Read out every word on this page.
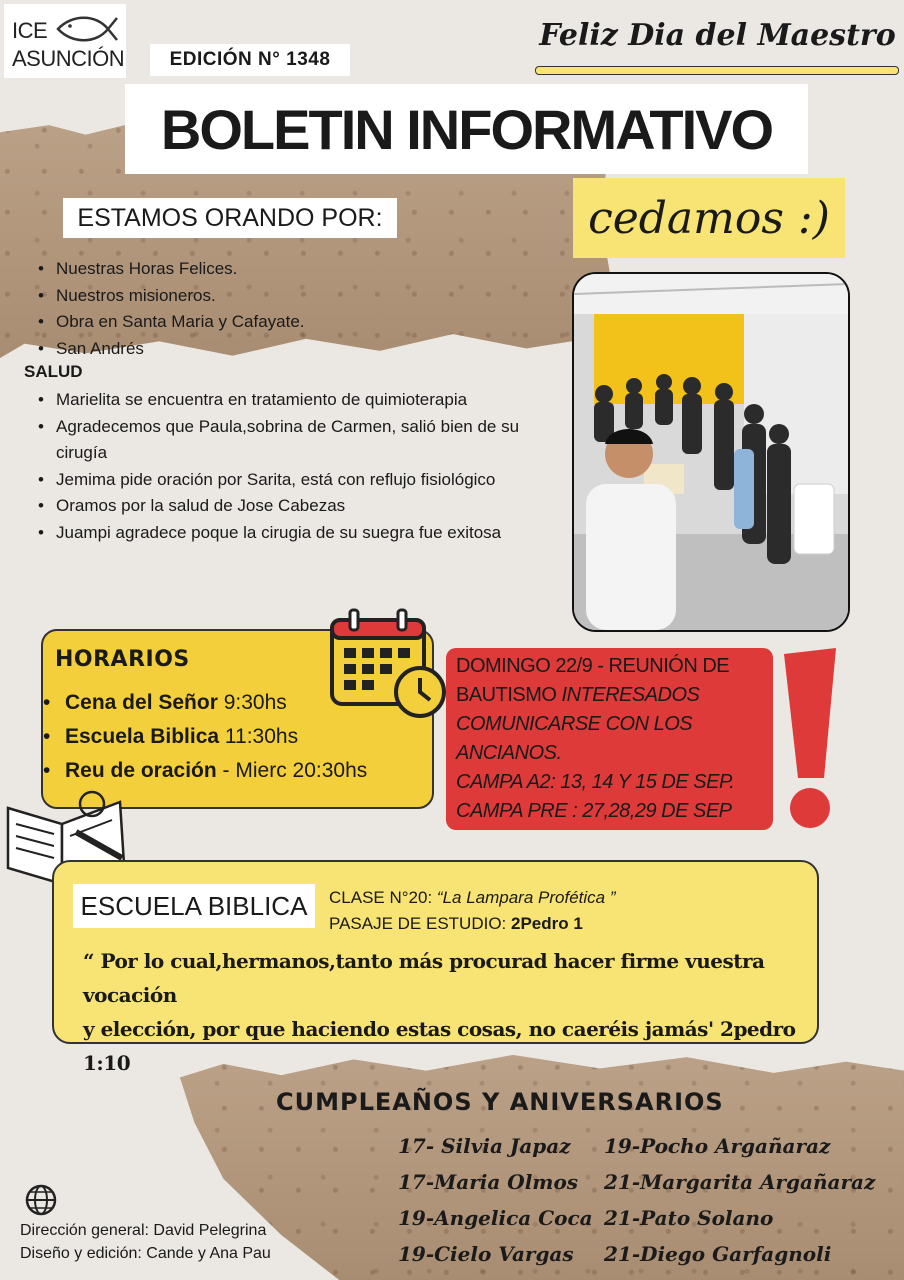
ICE
ASUNCIÓN	EDICIÓN N° 1348
Feliz Dia del Maestro
BOLETIN INFORMATIVO
cedamos :)
ESTAMOS ORANDO POR:
• Nuestras Horas Felices.
• Nuestros misioneros.
• Obra en Santa Maria y Cafayate.
• San Andrés
SALUD
• Marielita se encuentra en tratamiento de quimioterapia
• Agradecemos que Paula,sobrina de Carmen, salió bien de su cirugía
• Jemima pide oración por Sarita, está con reflujo fisiológico
• Oramos por la salud de Jose Cabezas
• Juampi agradece poque la cirugia de su suegra fue exitosa
HORARIOS
• Cena del Señor 9:30hs
• Escuela Biblica 11:30hs
• Reu de oración - Mierc 20:30hs
DOMINGO 22/9 - REUNIÓN DE
BAUTISMO INTERESADOS
COMUNICARSE CON LOS
ANCIANOS.
CAMPA A2: 13, 14 Y 15 DE SEP.
CAMPA PRE : 27,28,29 DE SEP
ESCUELA BIBLICA	CLASE N°20: “La Lampara Profética ”
PASAJE DE ESTUDIO: 2Pedro 1
“ Por lo cual,hermanos,tanto más procurad hacer firme vuestra vocación
y elección, por que haciendo estas cosas, no caeréis jamás' 2pedro 1:10
CUMPLEAÑOS Y ANIVERSARIOS
17- Silvia Japaz
17-Maria Olmos
19-Angelica Coca
19-Cielo Vargas
19-Pocho Argañaraz
21-Margarita Argañaraz
21-Pato Solano
21-Diego Garfagnoli
Dirección general: David Pelegrina
Diseño y edición: Cande y Ana Pau
